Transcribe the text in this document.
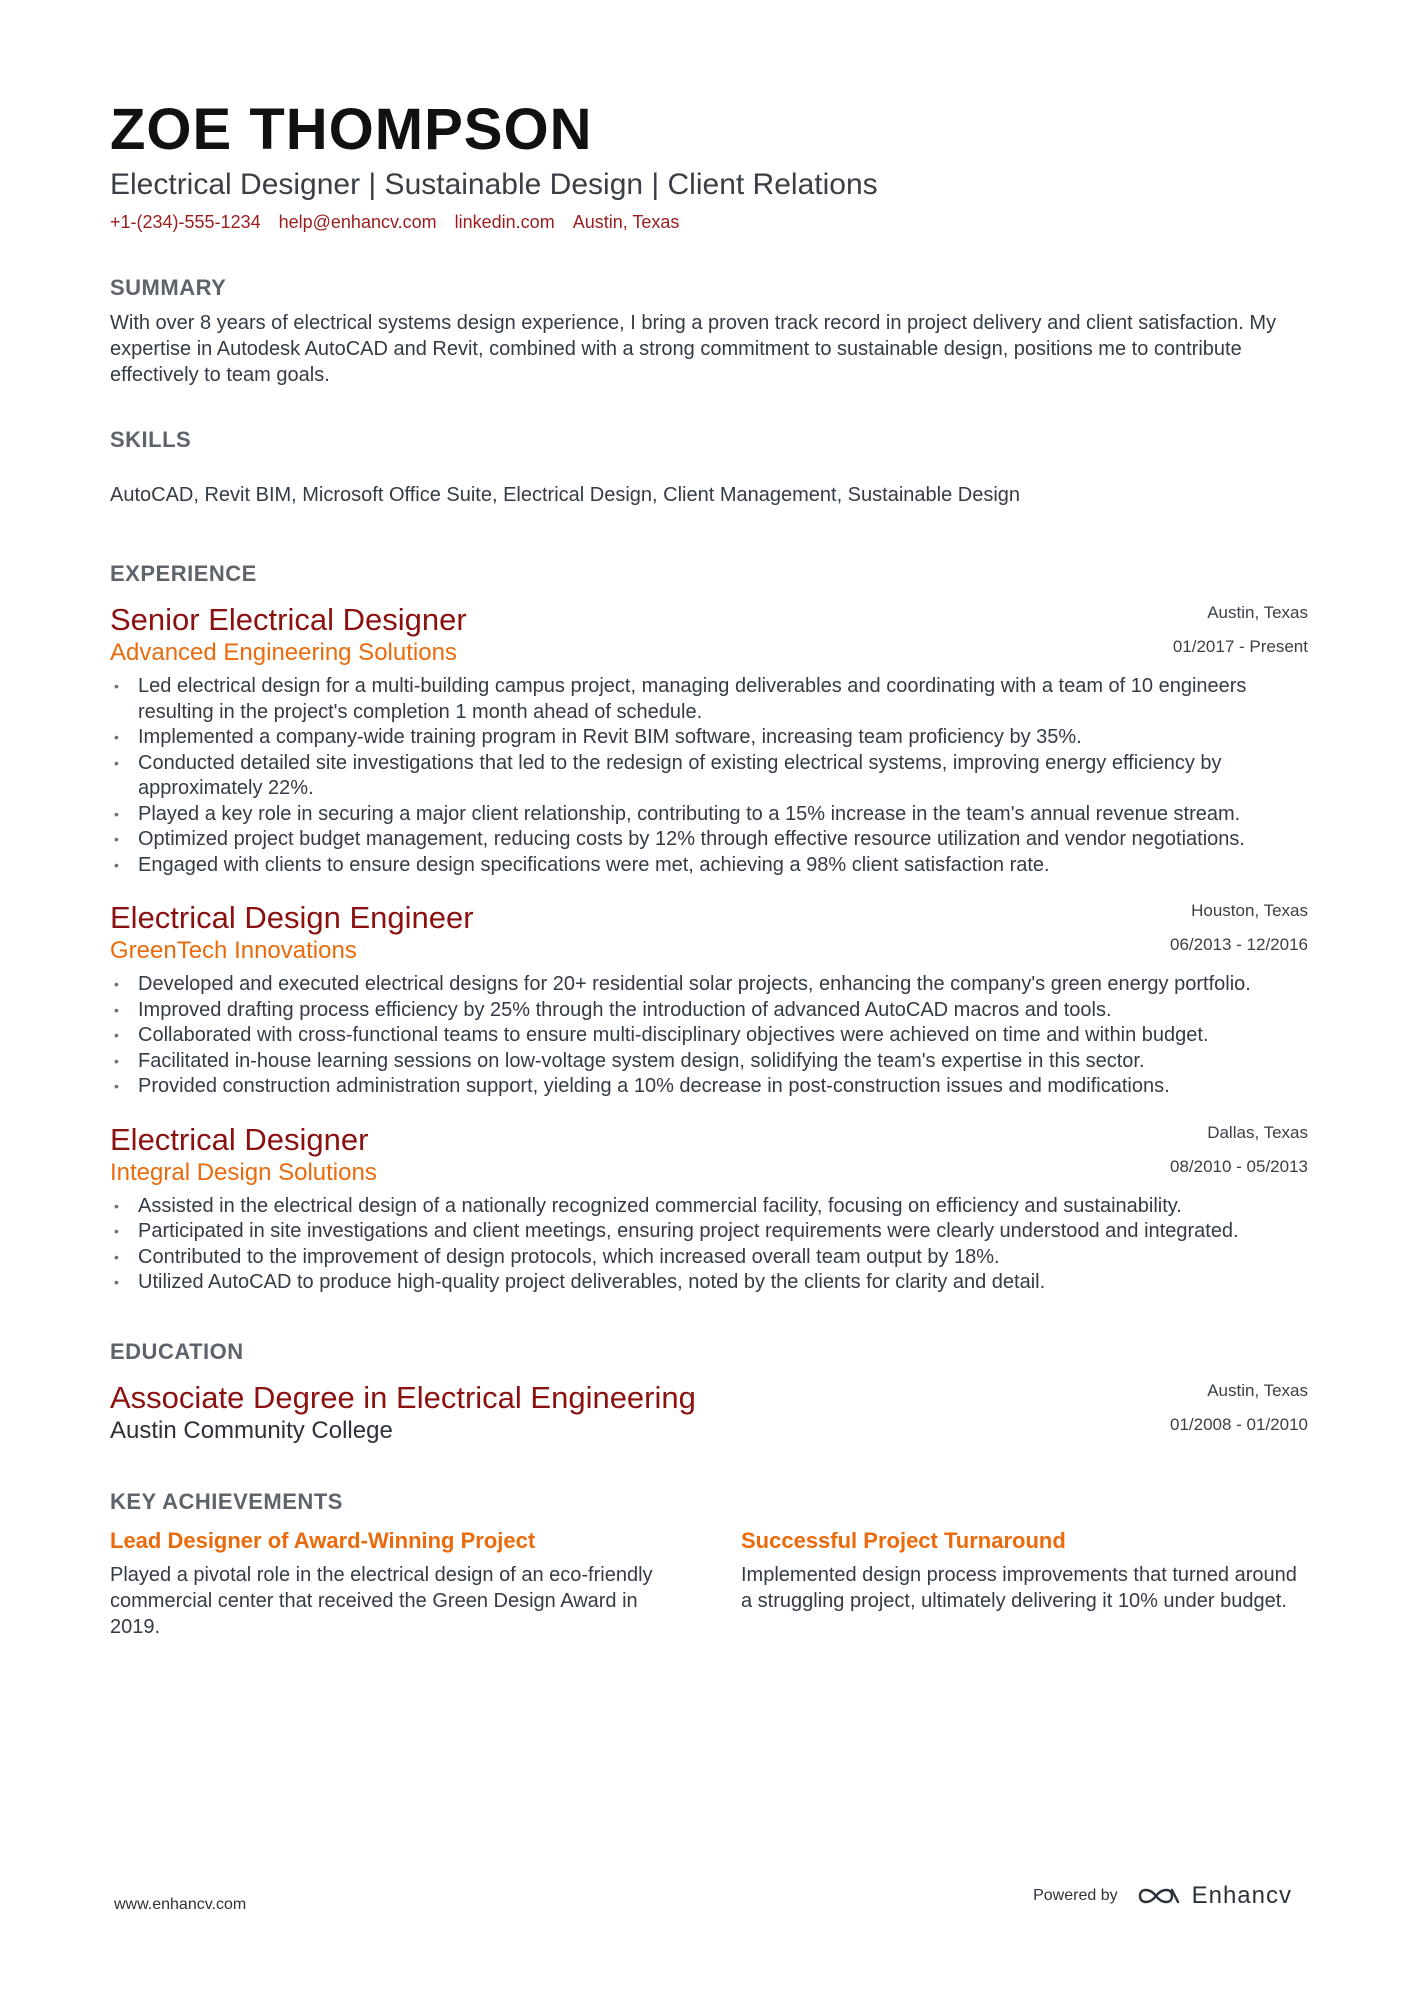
ZOE THOMPSON
Electrical Designer | Sustainable Design | Client Relations
+1-(234)-555-1234 help@enhancv.com linkedin.com Austin, Texas
SUMMARY
With over 8 years of electrical systems design experience, I bring a proven track record in project delivery and client satisfaction. My expertise in Autodesk AutoCAD and Revit, combined with a strong commitment to sustainable design, positions me to contribute effectively to team goals.
SKILLS
AutoCAD, Revit BIM, Microsoft Office Suite, Electrical Design, Client Management, Sustainable Design
EXPERIENCE
Senior Electrical Designer
Advanced Engineering Solutions
Austin, Texas
01/2017 - Present
• Led electrical design for a multi-building campus project, managing deliverables and coordinating with a team of 10 engineers resulting in the project's completion 1 month ahead of schedule.
• Implemented a company-wide training program in Revit BIM software, increasing team proficiency by 35%.
• Conducted detailed site investigations that led to the redesign of existing electrical systems, improving energy efficiency by approximately 22%.
• Played a key role in securing a major client relationship, contributing to a 15% increase in the team's annual revenue stream.
• Optimized project budget management, reducing costs by 12% through effective resource utilization and vendor negotiations.
• Engaged with clients to ensure design specifications were met, achieving a 98% client satisfaction rate.
Electrical Design Engineer
GreenTech Innovations
Houston, Texas
06/2013 - 12/2016
• Developed and executed electrical designs for 20+ residential solar projects, enhancing the company's green energy portfolio.
• Improved drafting process efficiency by 25% through the introduction of advanced AutoCAD macros and tools.
• Collaborated with cross-functional teams to ensure multi-disciplinary objectives were achieved on time and within budget.
• Facilitated in-house learning sessions on low-voltage system design, solidifying the team's expertise in this sector.
• Provided construction administration support, yielding a 10% decrease in post-construction issues and modifications.
Electrical Designer
Integral Design Solutions
Dallas, Texas
08/2010 - 05/2013
• Assisted in the electrical design of a nationally recognized commercial facility, focusing on efficiency and sustainability.
• Participated in site investigations and client meetings, ensuring project requirements were clearly understood and integrated.
• Contributed to the improvement of design protocols, which increased overall team output by 18%.
• Utilized AutoCAD to produce high-quality project deliverables, noted by the clients for clarity and detail.
EDUCATION
Associate Degree in Electrical Engineering
Austin Community College
Austin, Texas
01/2008 - 01/2010
KEY ACHIEVEMENTS
Lead Designer of Award-Winning Project
Played a pivotal role in the electrical design of an eco-friendly commercial center that received the Green Design Award in 2019.
Successful Project Turnaround
Implemented design process improvements that turned around a struggling project, ultimately delivering it 10% under budget.
www.enhancv.com
Powered by	Enhancv
